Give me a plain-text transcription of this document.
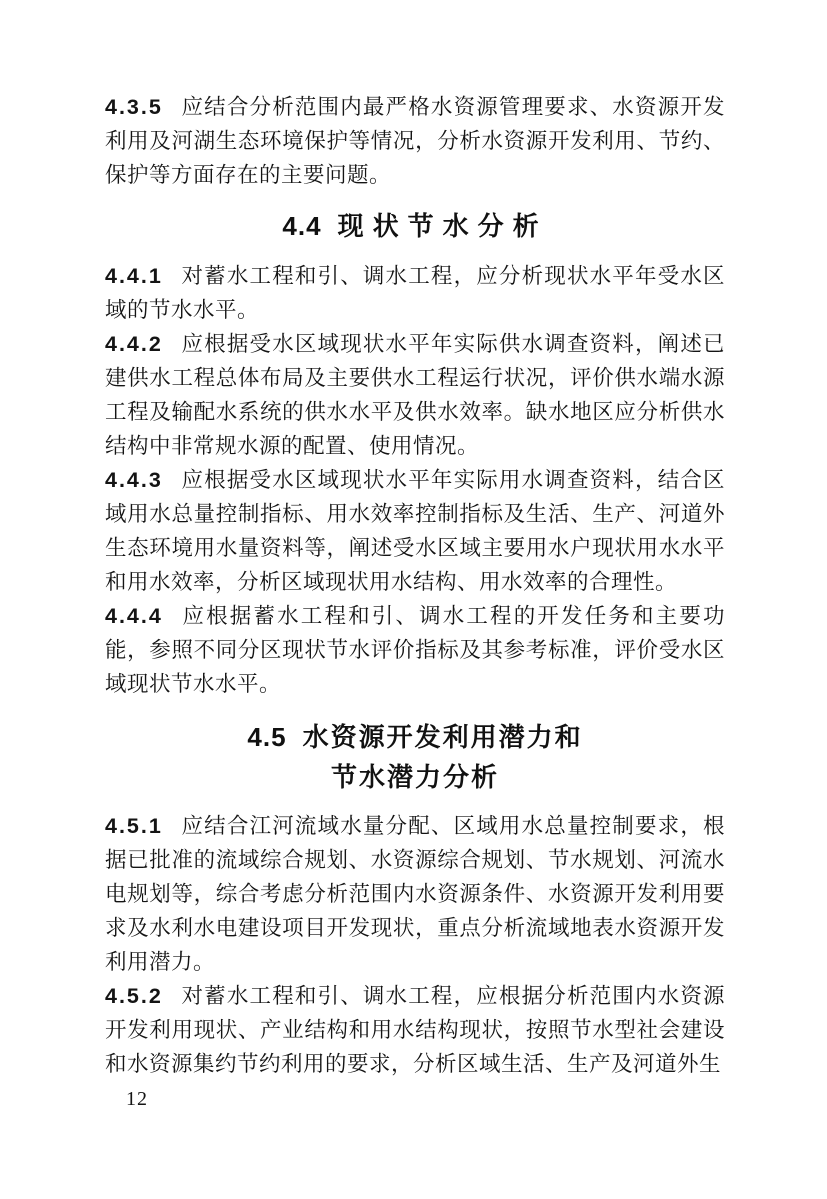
4.3.5 应结合分析范围内最严格水资源管理要求、水资源开发利用及河湖生态环境保护等情况，分析水资源开发利用、节约、保护等方面存在的主要问题。

4.4 现状节水分析

4.4.1 对蓄水工程和引、调水工程，应分析现状水平年受水区域的节水水平。

4.4.2 应根据受水区域现状水平年实际供水调查资料，阐述已建供水工程总体布局及主要供水工程运行状况，评价供水端水源工程及输配水系统的供水水平及供水效率。缺水地区应分析供水结构中非常规水源的配置、使用情况。

4.4.3 应根据受水区域现状水平年实际用水调查资料，结合区域用水总量控制指标、用水效率控制指标及生活、生产、河道外生态环境用水量资料等，阐述受水区域主要用水户现状用水水平和用水效率，分析区域现状用水结构、用水效率的合理性。

4.4.4 应根据蓄水工程和引、调水工程的开发任务和主要功能，参照不同分区现状节水评价指标及其参考标准，评价受水区域现状节水水平。

4.5 水资源开发利用潜力和
节水潜力分析

4.5.1 应结合江河流域水量分配、区域用水总量控制要求，根据已批准的流域综合规划、水资源综合规划、节水规划、河流水电规划等，综合考虑分析范围内水资源条件、水资源开发利用要求及水利水电建设项目开发现状，重点分析流域地表水资源开发利用潜力。

4.5.2 对蓄水工程和引、调水工程，应根据分析范围内水资源开发利用现状、产业结构和用水结构现状，按照节水型社会建设和水资源集约节约利用的要求，分析区域生活、生产及河道外生

12
